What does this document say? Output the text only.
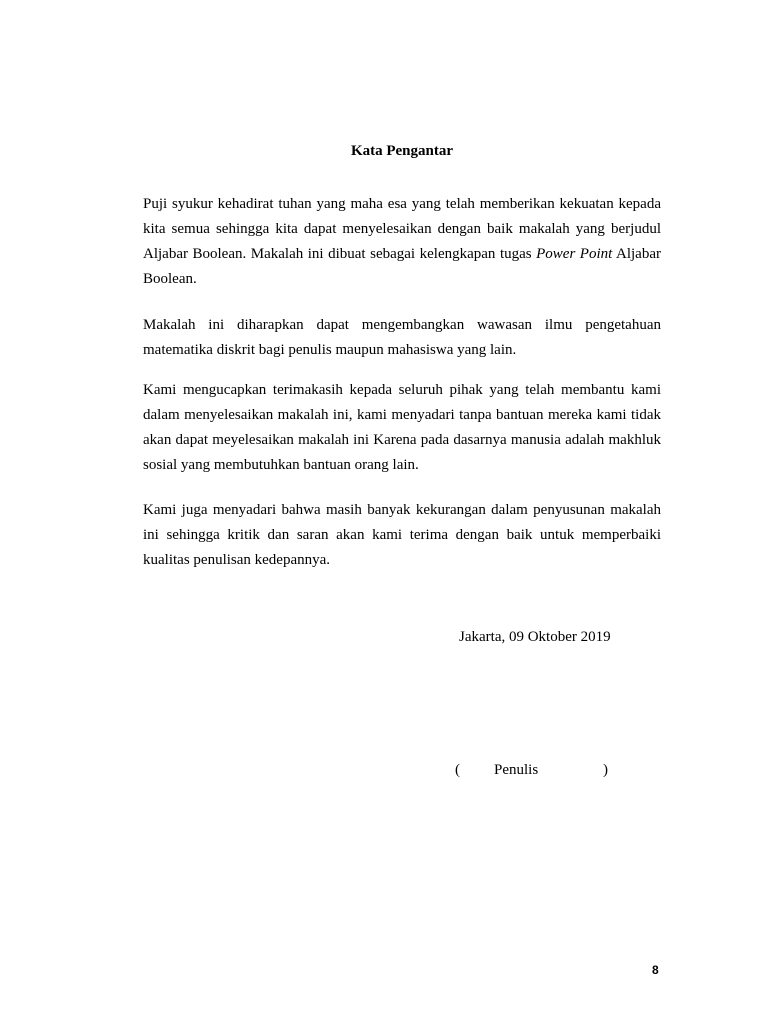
Kata Pengantar

Puji syukur kehadirat tuhan yang maha esa yang telah memberikan kekuatan kepada kita semua sehingga kita dapat menyelesaikan dengan baik makalah yang berjudul Aljabar Boolean. Makalah ini dibuat sebagai kelengkapan tugas Power Point Aljabar Boolean.

Makalah ini diharapkan dapat mengembangkan wawasan ilmu pengetahuan matematika diskrit bagi penulis maupun mahasiswa yang lain.

Kami mengucapkan terimakasih kepada seluruh pihak yang telah membantu kami dalam menyelesaikan makalah ini, kami menyadari tanpa bantuan mereka kami tidak akan dapat meyelesaikan makalah ini Karena pada dasarnya manusia adalah makhluk sosial yang membutuhkan bantuan orang lain.

Kami juga menyadari bahwa masih banyak kekurangan dalam penyusunan makalah ini sehingga kritik dan saran akan kami terima dengan baik untuk memperbaiki kualitas penulisan kedepannya.

Jakarta, 09 Oktober 2019
( Penulis	)
8
